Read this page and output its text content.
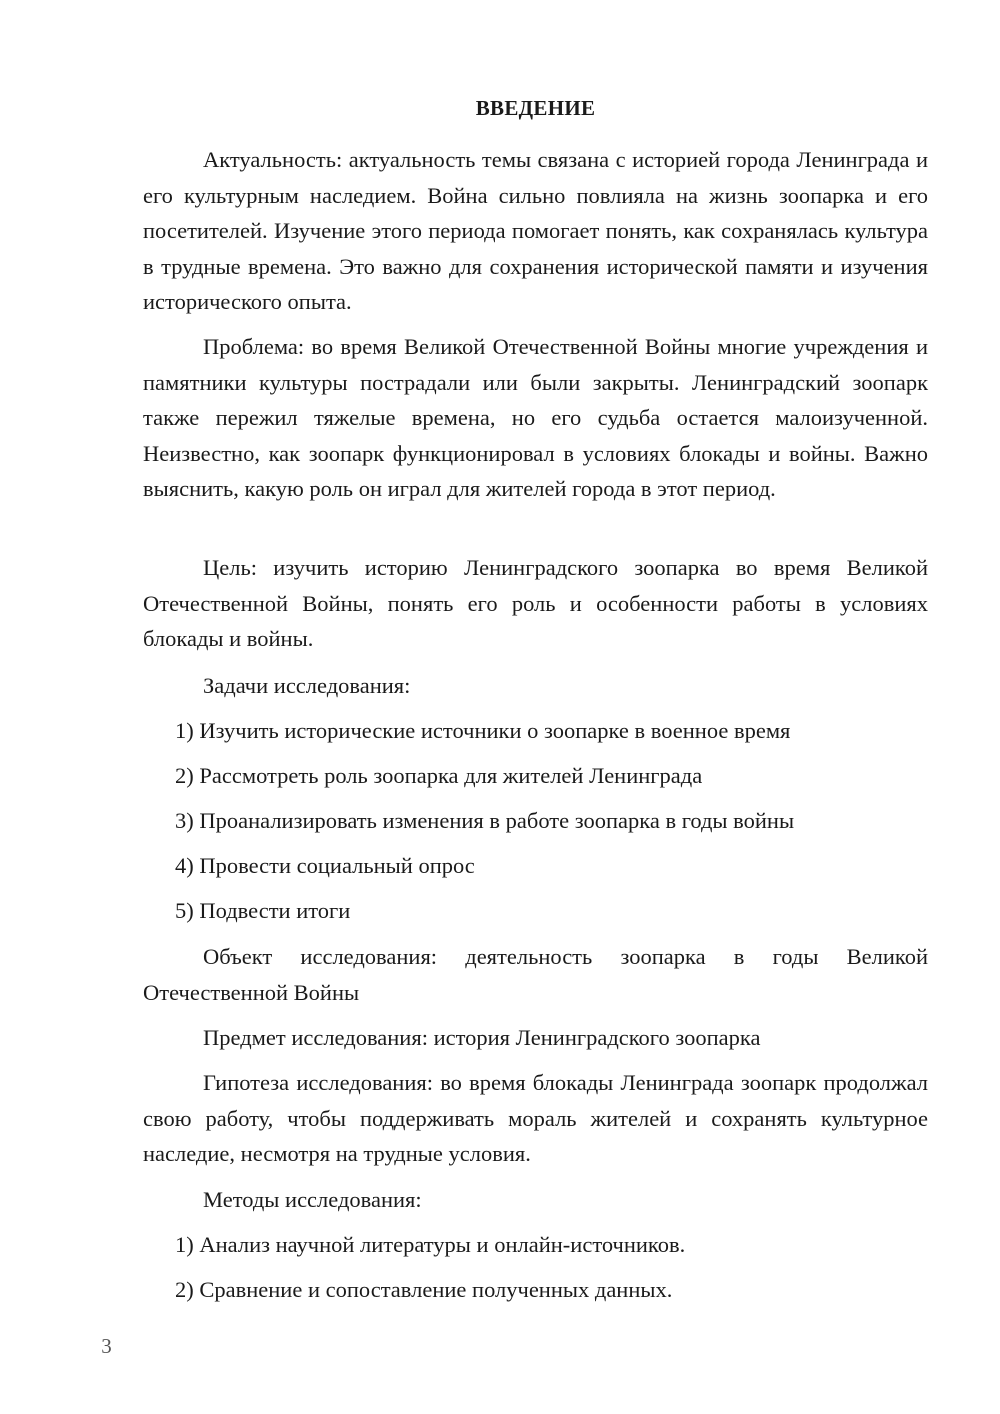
ВВЕДЕНИЕ

Актуальность: актуальность темы связана с историей города Ленинграда и его культурным наследием. Война сильно повлияла на жизнь зоопарка и его посетителей. Изучение этого периода помогает понять, как сохранялась культура в трудные времена. Это важно для сохранения исторической памяти и изучения исторического опыта.

Проблема: во время Великой Отечественной Войны многие учреждения и памятники культуры пострадали или были закрыты. Ленинградский зоопарк также пережил тяжелые времена, но его судьба остается малоизученной. Неизвестно, как зоопарк функционировал в условиях блокады и войны. Важно выяснить, какую роль он играл для жителей города в этот период.

Цель: изучить историю Ленинградского зоопарка во время Великой Отечественной Войны, понять его роль и особенности работы в условиях блокады и войны.

Задачи исследования:

1) Изучить исторические источники о зоопарке в военное время

2) Рассмотреть роль зоопарка для жителей Ленинграда

3) Проанализировать изменения в работе зоопарка в годы войны

4) Провести социальный опрос

5) Подвести итоги

Объект исследования: деятельность зоопарка в годы Великой Отечественной Войны

Предмет исследования: история Ленинградского зоопарка

Гипотеза исследования: во время блокады Ленинграда зоопарк продолжал свою работу, чтобы поддерживать мораль жителей и сохранять культурное наследие, несмотря на трудные условия.

Методы исследования:

1) Анализ научной литературы и онлайн-источников.

2) Сравнение и сопоставление полученных данных.

3
